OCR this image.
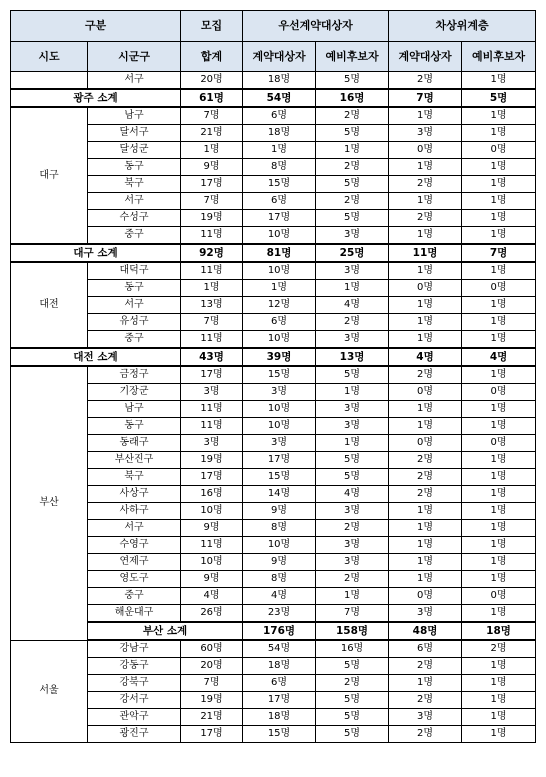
구분		모집	우선계약대상자		차상위계층		
시도	시군구	합계	계약대상자	예비후보자	계약대상자	예비후보자	
	서구	20명	18명	5명	2명	1명	
광주 소계		61명	54명	16명	7명	5명	
대구	남구	7명	6명	2명	1명	1명	
	달서구	21명	18명	5명	3명	1명	
	달성군	1명	1명	1명	0명	0명	
	동구	9명	8명	2명	1명	1명	
	북구	17명	15명	5명	2명	1명	
	서구	7명	6명	2명	1명	1명	
	수성구	19명	17명	5명	2명	1명	
	중구	11명	10명	3명	1명	1명	
대구 소계		92명	81명	25명	11명	7명	
대전	대덕구	11명	10명	3명	1명	1명	
	동구	1명	1명	1명	0명	0명	
	서구	13명	12명	4명	1명	1명	
	유성구	7명	6명	2명	1명	1명	
	중구	11명	10명	3명	1명	1명	
대전 소계		43명	39명	13명	4명	4명	
부산	금정구	17명	15명	5명	2명	1명	
	기장군	3명	3명	1명	0명	0명	
	남구	11명	10명	3명	1명	1명	
	동구	11명	10명	3명	1명	1명	
	동래구	3명	3명	1명	0명	0명	
	부산진구	19명	17명	5명	2명	1명	
	북구	17명	15명	5명	2명	1명	
	사상구	16명	14명	4명	2명	1명	
	사하구	10명	9명	3명	1명	1명	
	서구	9명	8명	2명	1명	1명	
	수영구	11명	10명	3명	1명	1명	
	연제구	10명	9명	3명	1명	1명	
	영도구	9명	8명	2명	1명	1명	
	중구	4명	4명	1명	0명	0명	
	해운대구	26명	23명	7명	3명	1명	
	부산 소계		176명	158명	48명	18명	
서울	강남구	60명	54명	16명	6명	2명	
	강동구	20명	18명	5명	2명	1명	
	강북구	7명	6명	2명	1명	1명	
	강서구	19명	17명	5명	2명	1명	
	관악구	21명	18명	5명	3명	1명	
	광진구	17명	15명	5명	2명	1명	
